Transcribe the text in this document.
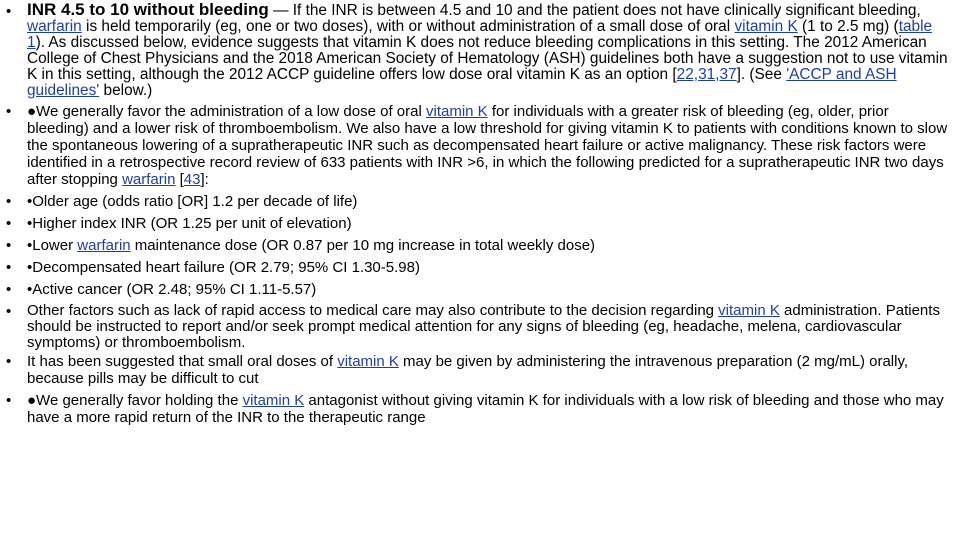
• INR 4.5 to 10 without bleeding — If the INR is between 4.5 and 10 and the patient does not have clinically significant bleeding, warfarin is held temporarily (eg, one or two doses), with or without administration of a small dose of oral vitamin K (1 to 2.5 mg) (table 1). As discussed below, evidence suggests that vitamin K does not reduce bleeding complications in this setting. The 2012 American College of Chest Physicians and the 2018 American Society of Hematology (ASH) guidelines both have a suggestion not to use vitamin K in this setting, although the 2012 ACCP guideline offers low dose oral vitamin K as an option [22,31,37]. (See 'ACCP and ASH guidelines' below.)
• ●We generally favor the administration of a low dose of oral vitamin K for individuals with a greater risk of bleeding (eg, older, prior bleeding) and a lower risk of thromboembolism. We also have a low threshold for giving vitamin K to patients with conditions known to slow the spontaneous lowering of a supratherapeutic INR such as decompensated heart failure or active malignancy. These risk factors were identified in a retrospective record review of 633 patients with INR >6, in which the following predicted for a supratherapeutic INR two days after stopping warfarin [43]:
• •Older age (odds ratio [OR] 1.2 per decade of life)
• •Higher index INR (OR 1.25 per unit of elevation)
• •Lower warfarin maintenance dose (OR 0.87 per 10 mg increase in total weekly dose)
• •Decompensated heart failure (OR 2.79; 95% CI 1.30-5.98)
• •Active cancer (OR 2.48; 95% CI 1.11-5.57)
• Other factors such as lack of rapid access to medical care may also contribute to the decision regarding vitamin K administration. Patients should be instructed to report and/or seek prompt medical attention for any signs of bleeding (eg, headache, melena, cardiovascular symptoms) or thromboembolism.
• It has been suggested that small oral doses of vitamin K may be given by administering the intravenous preparation (2 mg/mL) orally, because pills may be difficult to cut
• ●We generally favor holding the vitamin K antagonist without giving vitamin K for individuals with a low risk of bleeding and those who may have a more rapid return of the INR to the therapeutic range
